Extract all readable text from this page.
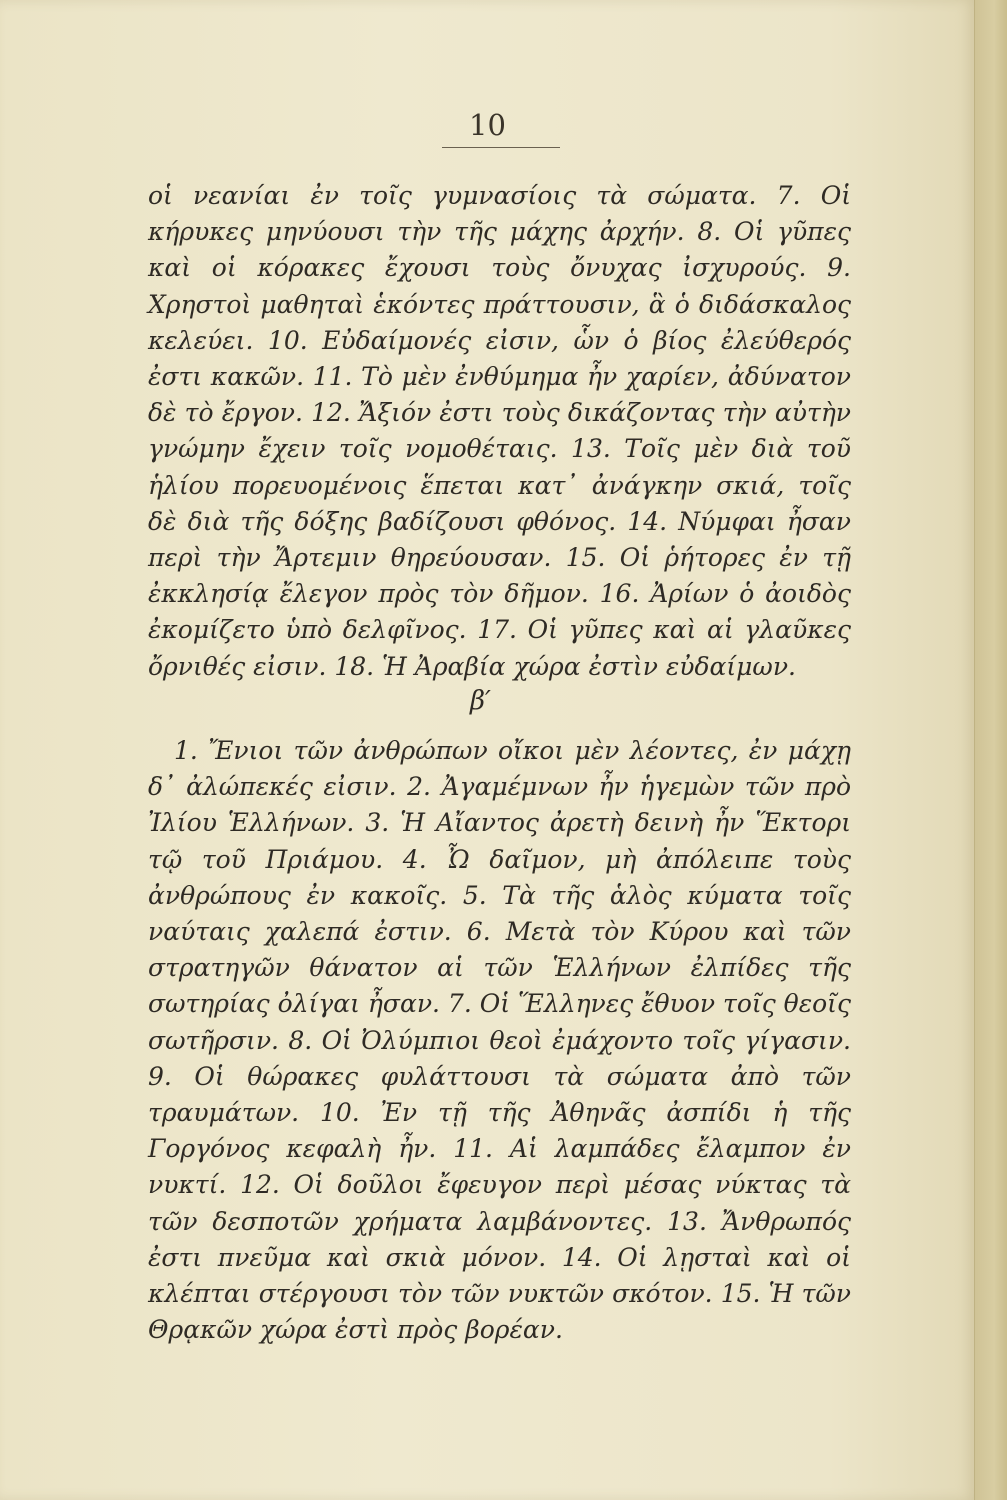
10

οἱ νεανίαι ἐν τοῖς γυμνασίοις τὰ σώματα. 7. Οἱ κήρυκες μηνύουσι τὴν τῆς μάχης ἀρχήν. 8. Οἱ γῦπες καὶ οἱ κόρακες ἔχουσι τοὺς ὄνυχας ἰσχυρούς. 9. Χρηστοὶ μαθηταὶ ἑκόντες πράττουσιν, ἃ ὁ διδάσκαλος κελεύει. 10. Εὐδαίμονές εἰσιν, ὧν ὁ βίος ἐλεύθερός ἐστι κακῶν. 11. Τὸ μὲν ἐνθύμημα ἦν χαρίεν, ἀδύνατον δὲ τὸ ἔργον. 12. Ἄξιόν ἐστι τοὺς δικάζοντας τὴν αὐτὴν γνώμην ἔχειν τοῖς νομοθέταις. 13. Τοῖς μὲν διὰ τοῦ ἡλίου πορευομένοις ἕπεται κατ᾽ ἀνάγκην σκιά, τοῖς δὲ διὰ τῆς δόξης βαδίζουσι φθόνος. 14. Νύμφαι ἦσαν περὶ τὴν Ἄρτεμιν θηρεύουσαν. 15. Οἱ ῥήτορες ἐν τῇ ἐκκλησίᾳ ἔλεγον πρὸς τὸν δῆμον. 16. Ἀρίων ὁ ἀοιδὸς ἐκομίζετο ὑπὸ δελφῖνος. 17. Οἱ γῦπες καὶ αἱ γλαῦκες ὄρνιθές εἰσιν. 18. Ἡ Ἀραβία χώρα ἐστὶν εὐδαίμων.

β′

1. Ἔνιοι τῶν ἀνθρώπων οἴκοι μὲν λέοντες, ἐν μάχῃ δ᾽ ἀλώπεκές εἰσιν. 2. Ἀγαμέμνων ἦν ἡγεμὼν τῶν πρὸ Ἰλίου Ἑλλήνων. 3. Ἡ Αἴαντος ἀρετὴ δεινὴ ἦν Ἕκτορι τῷ τοῦ Πριάμου. 4. Ὦ δαῖμον, μὴ ἀπόλειπε τοὺς ἀνθρώπους ἐν κακοῖς. 5. Τὰ τῆς ἁλὸς κύματα τοῖς ναύταις χαλεπά ἐστιν. 6. Μετὰ τὸν Κύρου καὶ τῶν στρατηγῶν θάνατον αἱ τῶν Ἑλλήνων ἐλπίδες τῆς σωτηρίας ὀλίγαι ἦσαν. 7. Οἱ Ἕλληνες ἔθυον τοῖς θεοῖς σωτῆρσιν. 8. Οἱ Ὀλύμπιοι θεοὶ ἐμάχοντο τοῖς γίγασιν. 9. Οἱ θώρακες φυλάττουσι τὰ σώματα ἀπὸ τῶν τραυμάτων. 10. Ἐν τῇ τῆς Ἀθηνᾶς ἀσπίδι ἡ τῆς Γοργόνος κεφαλὴ ἦν. 11. Αἱ λαμπάδες ἔλαμπον ἐν νυκτί. 12. Οἱ δοῦλοι ἔφευγον περὶ μέσας νύκτας τὰ τῶν δεσποτῶν χρήματα λαμβάνοντες. 13. Ἄνθρωπός ἐστι πνεῦμα καὶ σκιὰ μόνον. 14. Οἱ λῃσταὶ καὶ οἱ κλέπται στέργουσι τὸν τῶν νυκτῶν σκότον. 15. Ἡ τῶν Θρᾳκῶν χώρα ἐστὶ πρὸς βορέαν.
